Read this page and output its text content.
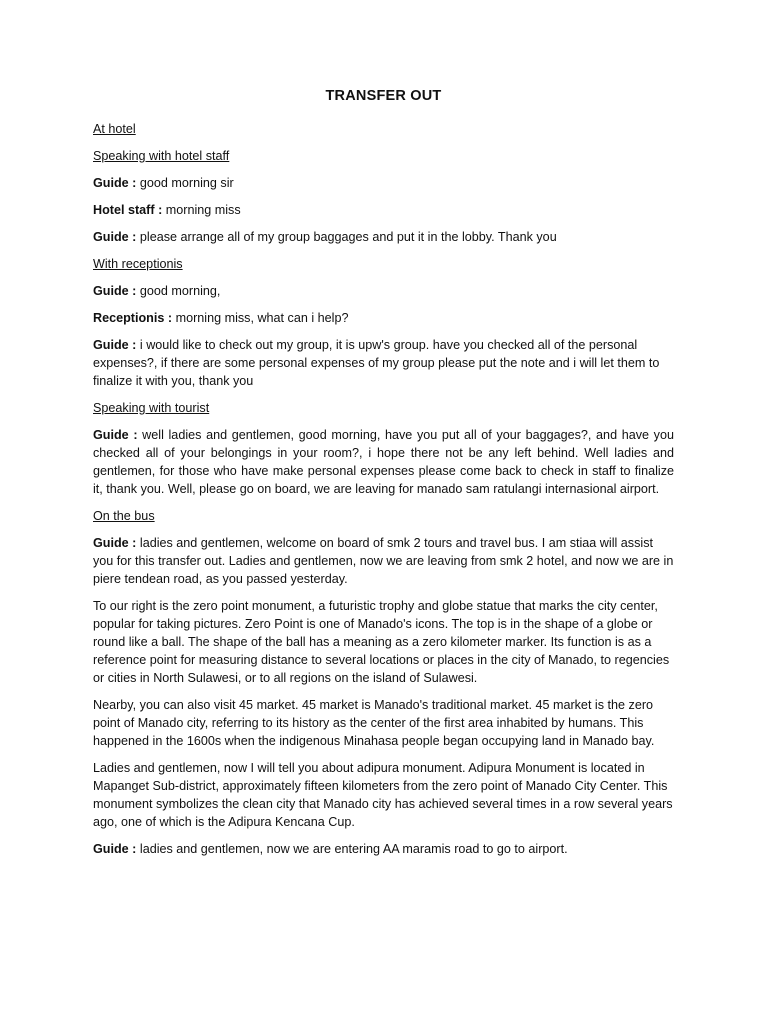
TRANSFER OUT
At hotel
Speaking with hotel staff
Guide : good morning sir
Hotel staff : morning miss
Guide : please arrange all of my group baggages and put it in the lobby. Thank you
With receptionis
Guide : good morning,
Receptionis : morning miss, what can i help?
Guide : i would like to check out my group, it is upw's group. have you checked all of the personal expenses?, if there are some personal expenses of my group please put the note and i will let them to finalize it with you, thank you
Speaking with tourist
Guide : well ladies and gentlemen, good morning, have you put all of your baggages?, and have you checked all of your belongings in your room?, i hope there not be any left behind. Well ladies and gentlemen, for those who have make personal expenses please come back to check in staff to finalize it, thank you. Well, please go on board, we are leaving for manado sam ratulangi internasional airport.
On the bus
Guide : ladies and gentlemen, welcome on board of smk 2 tours and travel bus. I am stiaa will assist you for this transfer out. Ladies and gentlemen, now we are leaving from smk 2 hotel, and now we are in piere tendean road, as you passed yesterday.
To our right is the zero point monument, a futuristic trophy and globe statue that marks the city center, popular for taking pictures. Zero Point is one of Manado's icons. The top is in the shape of a globe or round like a ball. The shape of the ball has a meaning as a zero kilometer marker. Its function is as a reference point for measuring distance to several locations or places in the city of Manado, to regencies or cities in North Sulawesi, or to all regions on the island of Sulawesi.
Nearby, you can also visit 45 market. 45 market is Manado's traditional market. 45 market is the zero point of Manado city, referring to its history as the center of the first area inhabited by humans. This happened in the 1600s when the indigenous Minahasa people began occupying land in Manado bay.
Ladies and gentlemen, now I will tell you about adipura monument. Adipura Monument is located in Mapanget Sub-district, approximately fifteen kilometers from the zero point of Manado City Center. This monument symbolizes the clean city that Manado city has achieved several times in a row several years ago, one of which is the Adipura Kencana Cup.
Guide : ladies and gentlemen, now we are entering AA maramis road to go to airport.
